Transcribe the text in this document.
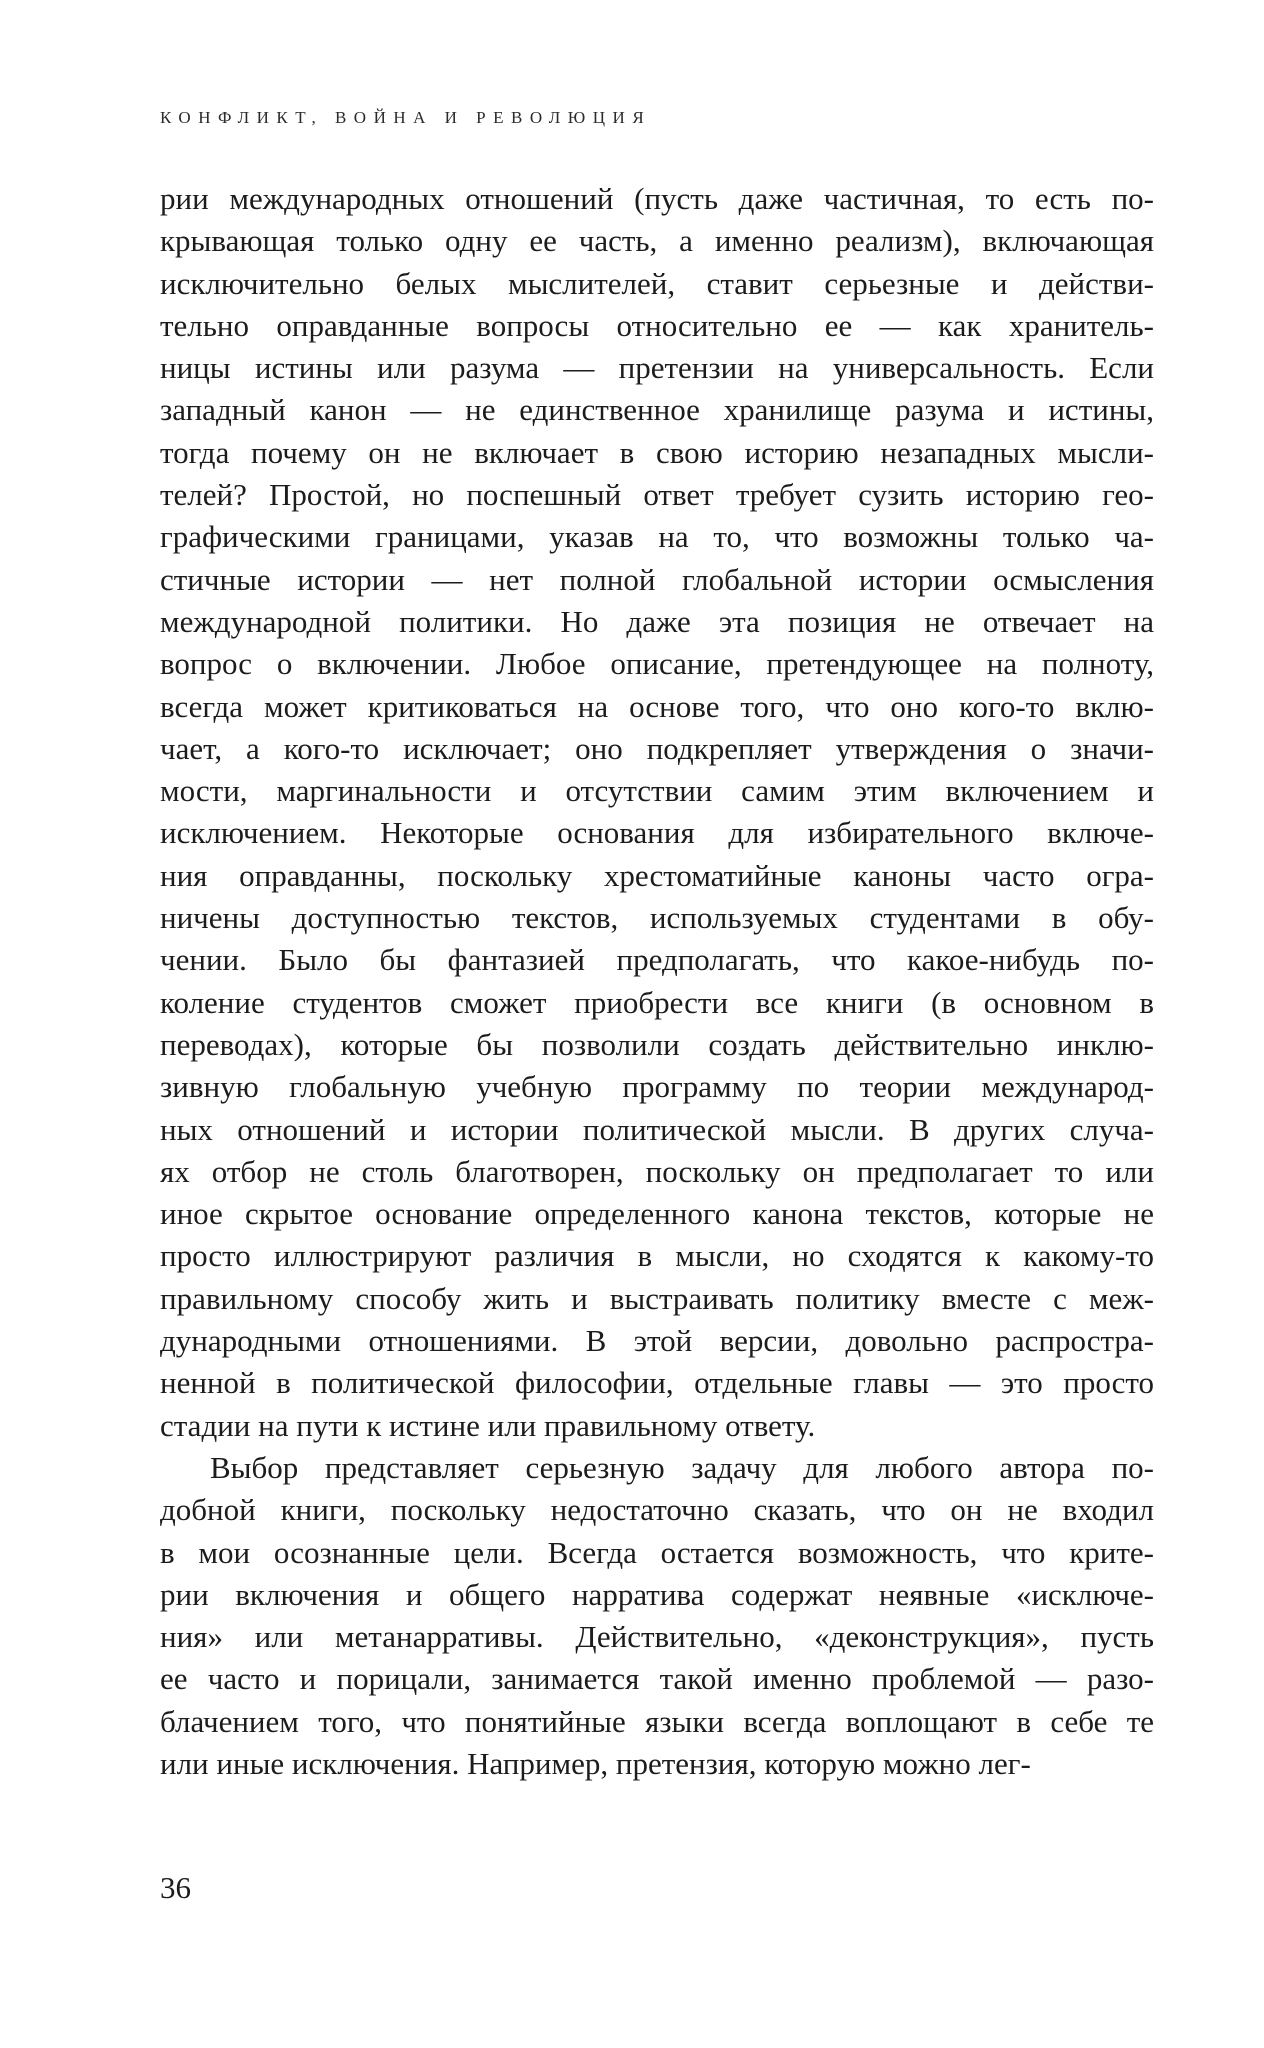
КОНФЛИКТ, ВОЙНА И РЕВОЛЮЦИЯ
рии международных отношений (пусть даже частичная, то есть по-
крывающая только одну ее часть, а именно реализм), включающая
исключительно белых мыслителей, ставит серьезные и действи-
тельно оправданные вопросы относительно ее — как хранитель-
ницы истины или разума — претензии на универсальность. Если
западный канон — не единственное хранилище разума и истины,
тогда почему он не включает в свою историю незападных мысли-
телей? Простой, но поспешный ответ требует сузить историю гео-
графическими границами, указав на то, что возможны только ча-
стичные истории — нет полной глобальной истории осмысления
международной политики. Но даже эта позиция не отвечает на
вопрос о включении. Любое описание, претендующее на полноту,
всегда может критиковаться на основе того, что оно кого-то вклю-
чает, а кого-то исключает; оно подкрепляет утверждения о значи-
мости, маргинальности и отсутствии самим этим включением и
исключением. Некоторые основания для избирательного включе-
ния оправданны, поскольку хрестоматийные каноны часто огра-
ничены доступностью текстов, используемых студентами в обу-
чении. Было бы фантазией предполагать, что какое-нибудь по-
коление студентов сможет приобрести все книги (в основном в
переводах), которые бы позволили создать действительно инклю-
зивную глобальную учебную программу по теории международ-
ных отношений и истории политической мысли. В других случа-
ях отбор не столь благотворен, поскольку он предполагает то или
иное скрытое основание определенного канона текстов, которые не
просто иллюстрируют различия в мысли, но сходятся к какому-то
правильному способу жить и выстраивать политику вместе с меж-
дународными отношениями. В этой версии, довольно распростра-
ненной в политической философии, отдельные главы — это просто
стадии на пути к истине или правильному ответу.
Выбор представляет серьезную задачу для любого автора по-
добной книги, поскольку недостаточно сказать, что он не входил
в мои осознанные цели. Всегда остается возможность, что крите-
рии включения и общего нарратива содержат неявные «исключе-
ния» или метанарративы. Действительно, «деконструкция», пусть
ее часто и порицали, занимается такой именно проблемой — разо-
блачением того, что понятийные языки всегда воплощают в себе те
или иные исключения. Например, претензия, которую можно лег-
36
